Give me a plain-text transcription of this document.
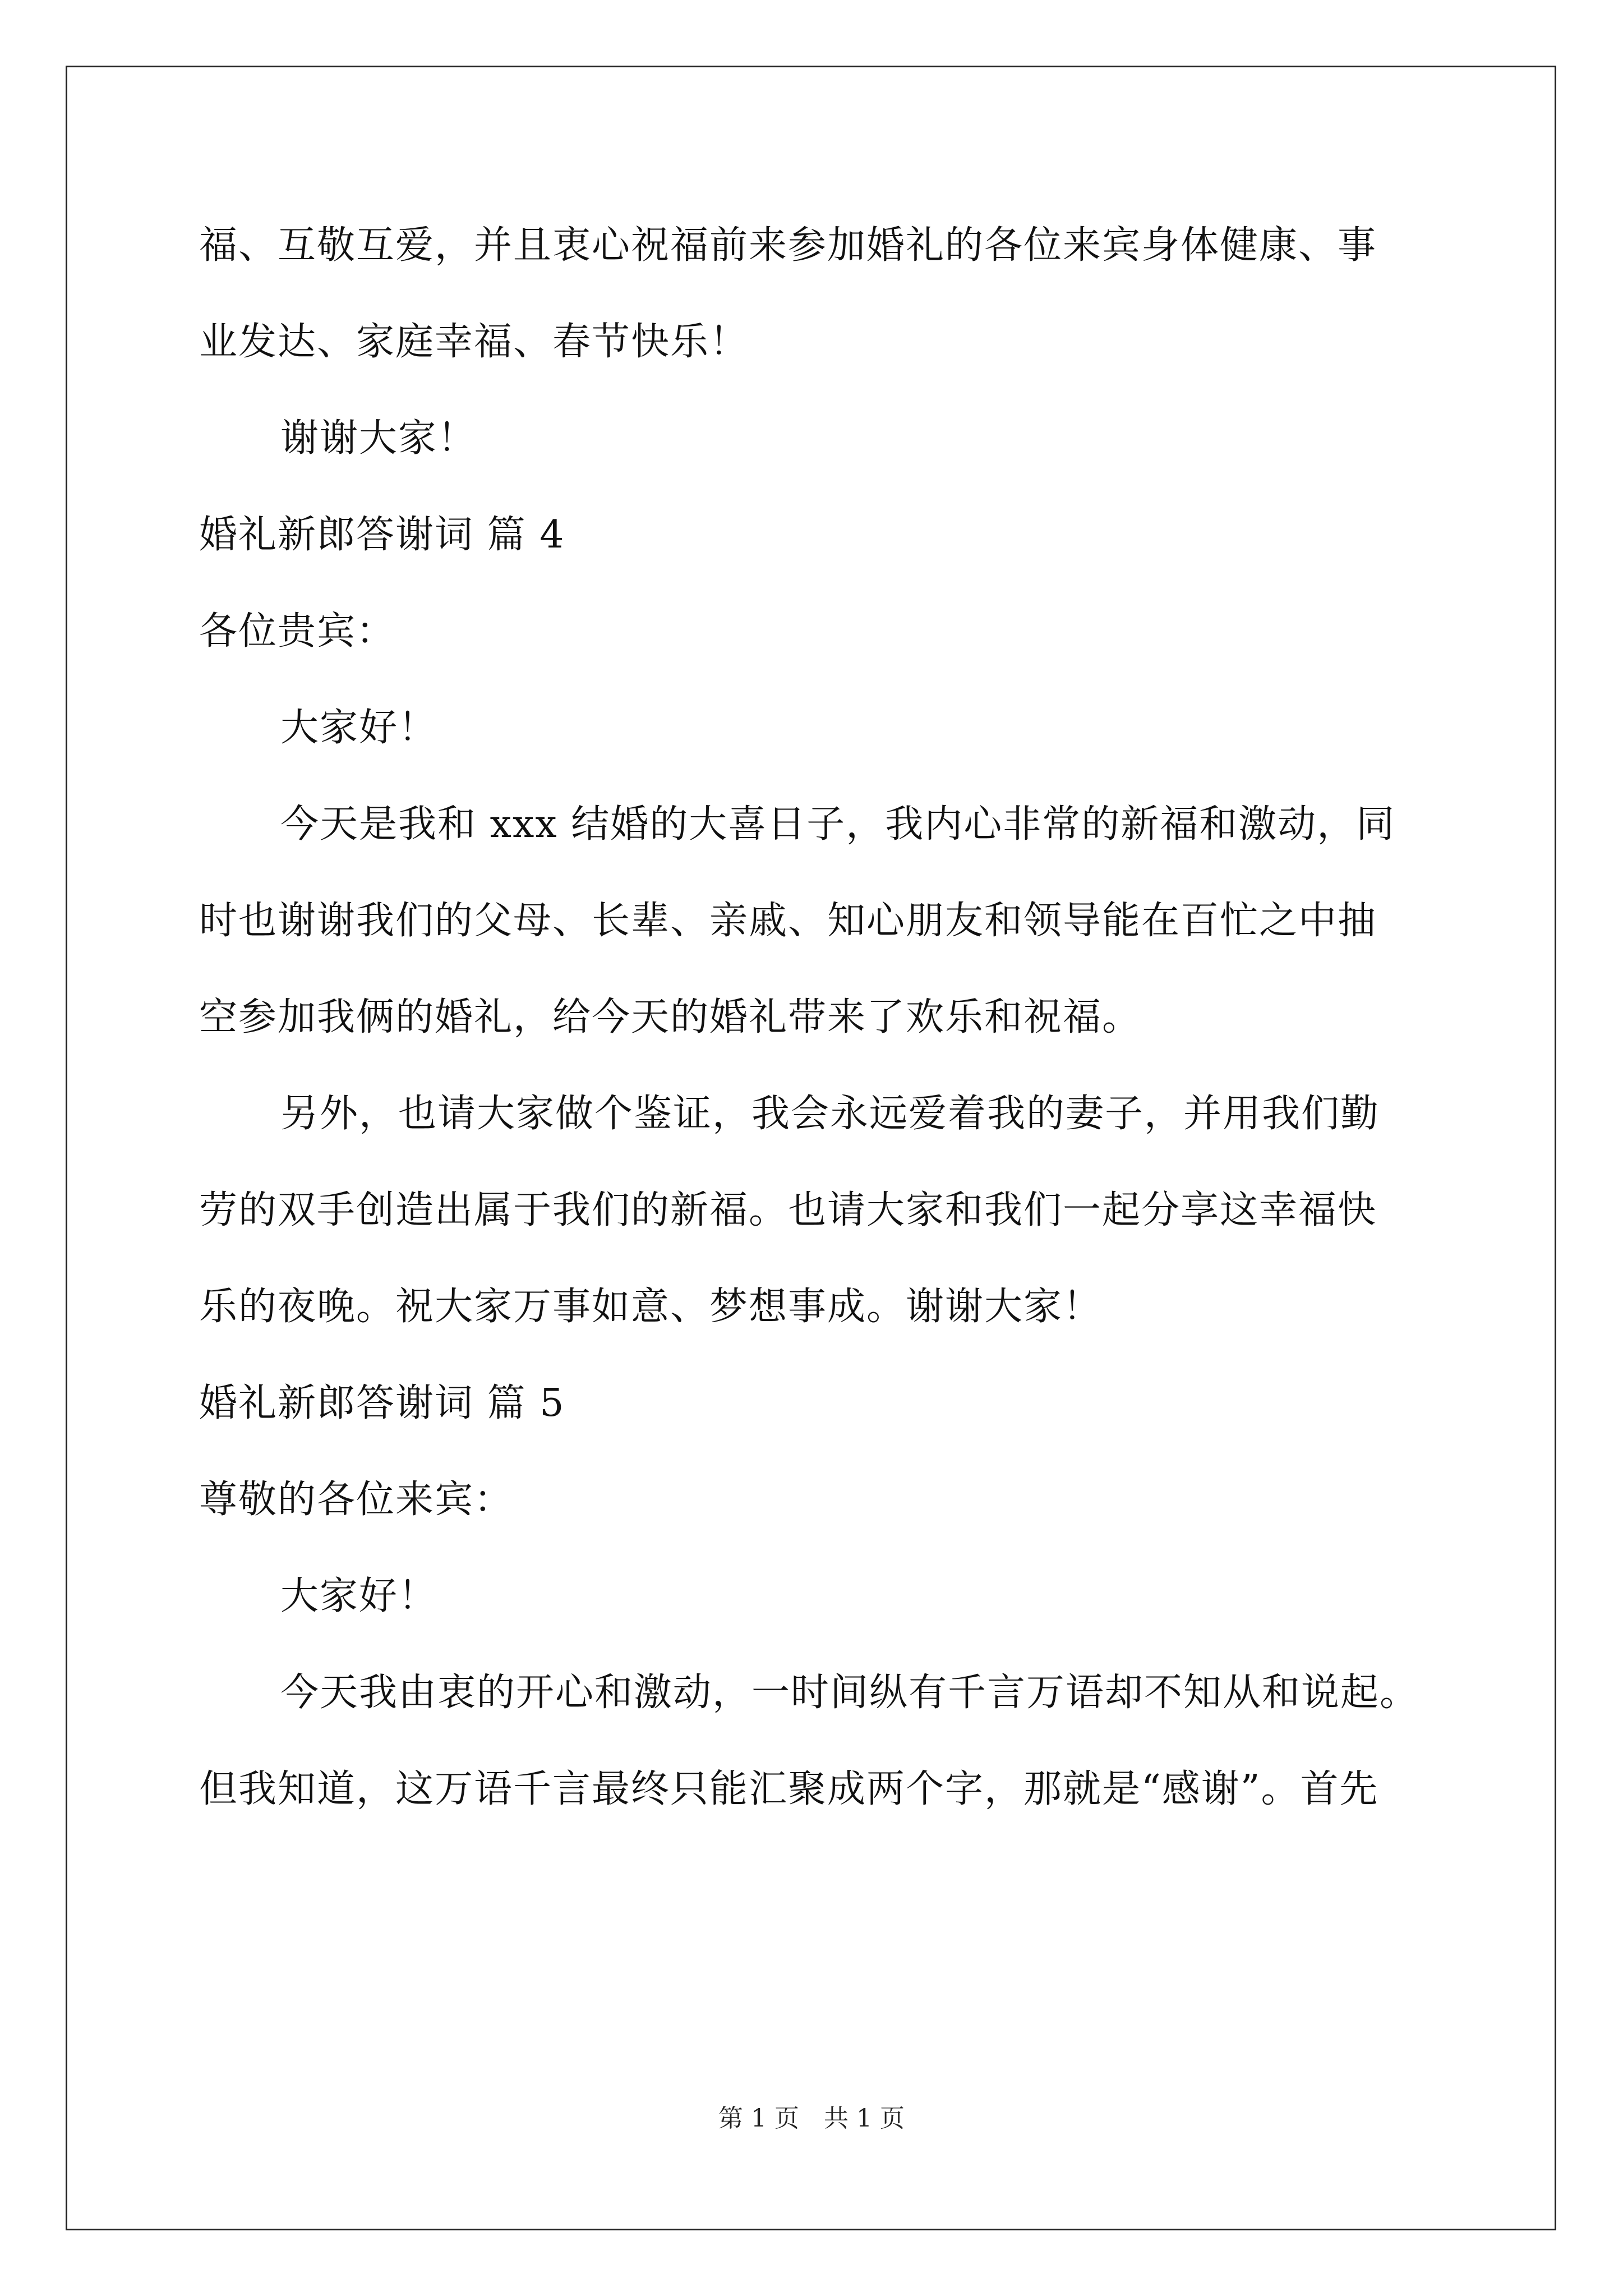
福、互敬互爱，并且衷心祝福前来参加婚礼的各位来宾身体健康、事
业发达、家庭幸福、春节快乐！
谢谢大家！
婚礼新郎答谢词 篇 4
各位贵宾：
大家好！
今天是我和 xxx 结婚的大喜日子，我内心非常的新福和激动，同
时也谢谢我们的父母、长辈、亲戚、知心朋友和领导能在百忙之中抽
空参加我俩的婚礼，给今天的婚礼带来了欢乐和祝福。
另外，也请大家做个鉴证，我会永远爱着我的妻子，并用我们勤
劳的双手创造出属于我们的新福。也请大家和我们一起分享这幸福快
乐的夜晚。祝大家万事如意、梦想事成。谢谢大家！
婚礼新郎答谢词 篇 5
尊敬的各位来宾：
大家好！
今天我由衷的开心和激动，一时间纵有千言万语却不知从和说起。
但我知道，这万语千言最终只能汇聚成两个字，那就是“感谢”。首先
第 1 页　共 1 页
